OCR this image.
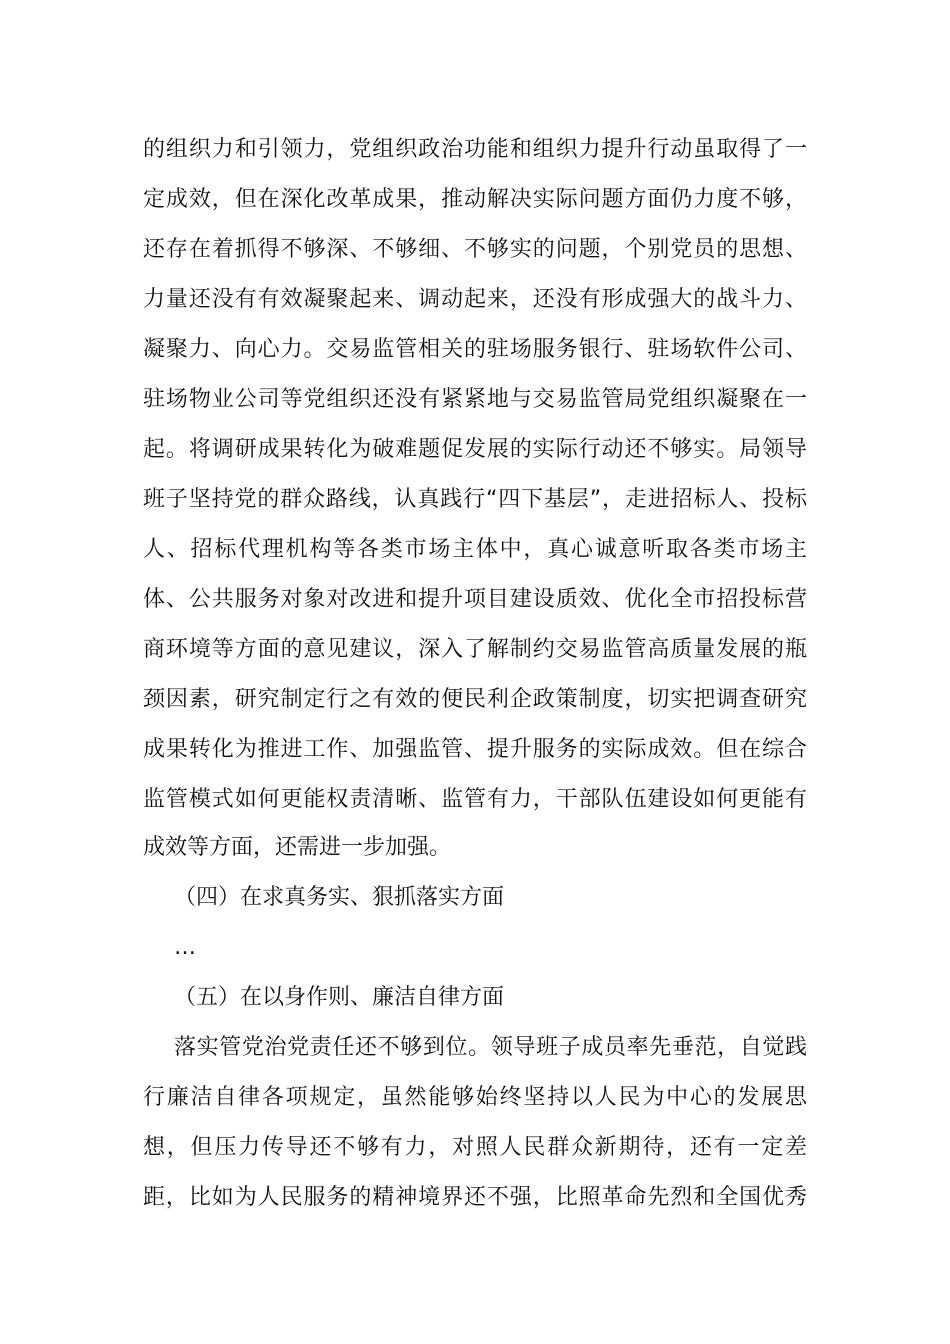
的组织力和引领力，党组织政治功能和组织力提升行动虽取得了一
定成效，但在深化改革成果，推动解决实际问题方面仍力度不够，
还存在着抓得不够深、不够细、不够实的问题，个别党员的思想、
力量还没有有效凝聚起来、调动起来，还没有形成强大的战斗力、
凝聚力、向心力。交易监管相关的驻场服务银行、驻场软件公司、
驻场物业公司等党组织还没有紧紧地与交易监管局党组织凝聚在一
起。将调研成果转化为破难题促发展的实际行动还不够实。局领导
班子坚持党的群众路线，认真践行“四下基层”，走进招标人、投标
人、招标代理机构等各类市场主体中，真心诚意听取各类市场主
体、公共服务对象对改进和提升项目建设质效、优化全市招投标营
商环境等方面的意见建议，深入了解制约交易监管高质量发展的瓶
颈因素，研究制定行之有效的便民利企政策制度，切实把调查研究
成果转化为推进工作、加强监管、提升服务的实际成效。但在综合
监管模式如何更能权责清晰、监管有力，干部队伍建设如何更能有
成效等方面，还需进一步加强。
（四）在求真务实、狠抓落实方面
…
（五）在以身作则、廉洁自律方面
落实管党治党责任还不够到位。领导班子成员率先垂范，自觉践
行廉洁自律各项规定，虽然能够始终坚持以人民为中心的发展思
想，但压力传导还不够有力，对照人民群众新期待，还有一定差
距，比如为人民服务的精神境界还不强，比照革命先烈和全国优秀
